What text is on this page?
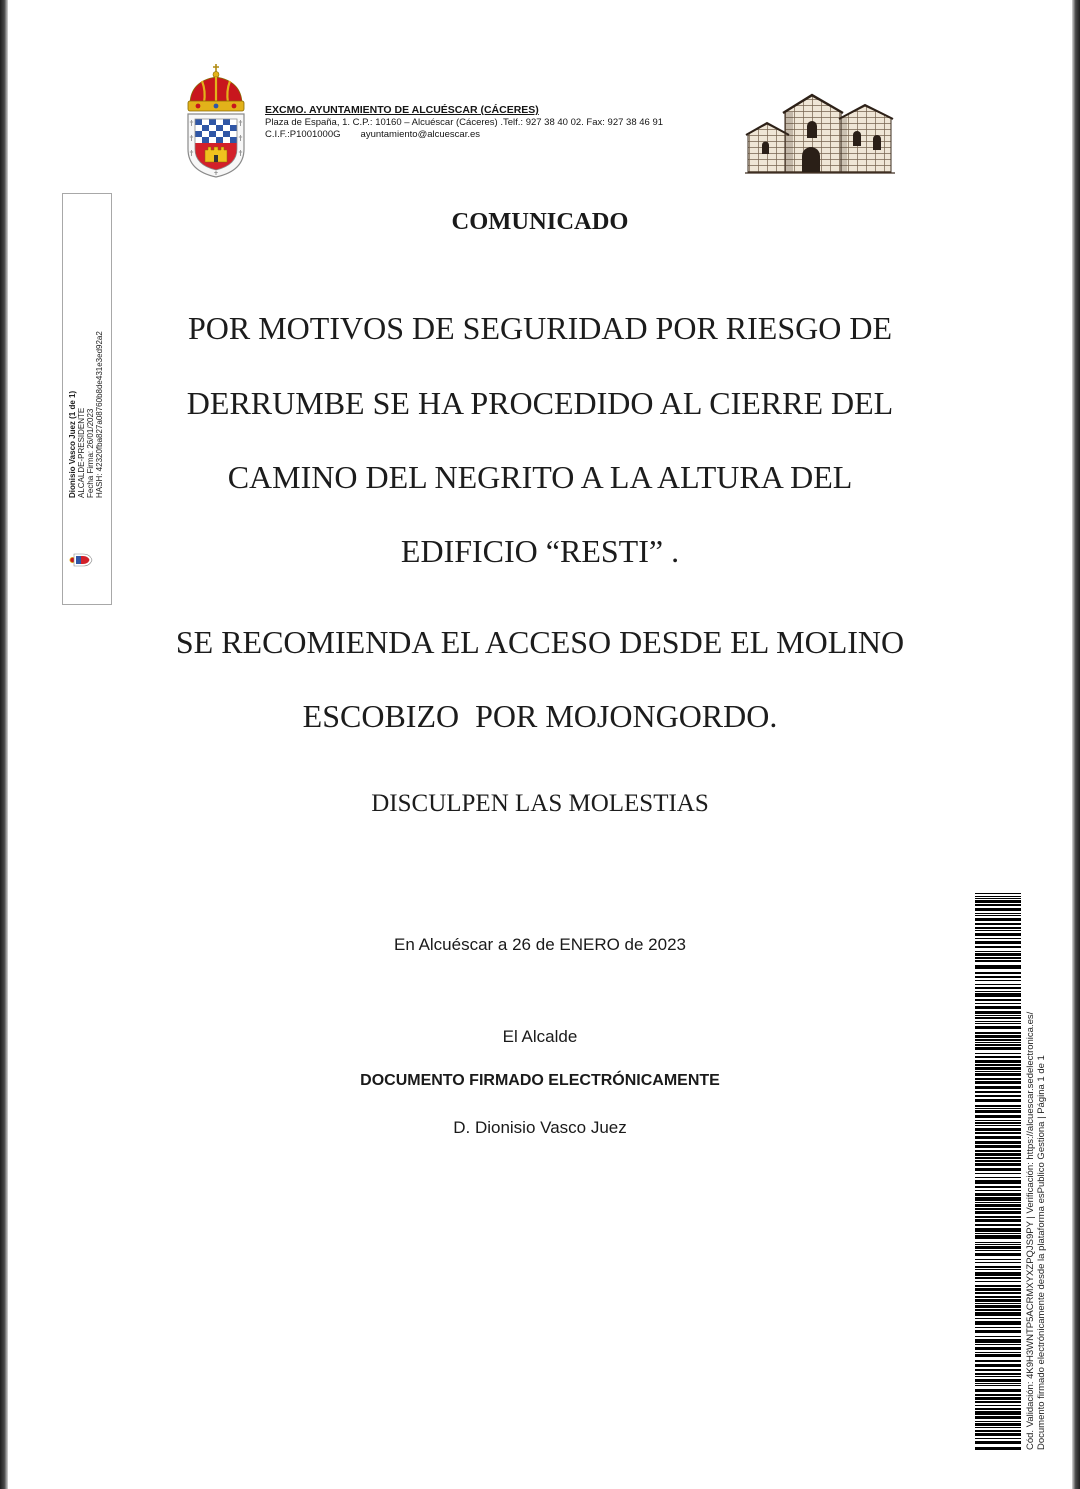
EXCMO. AYUNTAMIENTO DE ALCUÉSCAR (CÁCERES)
Plaza de España, 1. C.P.: 10160 – Alcuéscar (Cáceres) .Telf.: 927 38 40 02. Fax: 927 38 46 91
C.I.F.:P1001000G ayuntamiento@alcuescar.es
Dionisio Vasco Juez (1 de 1) ALCALDE-PRESIDENTE Fecha Firma: 26/01/2023 HASH: 42320fba827a08760b8de431e3ed92a2
COMUNICADO
POR MOTIVOS DE SEGURIDAD POR RIESGO DE
DERRUMBE SE HA PROCEDIDO AL CIERRE DEL
CAMINO DEL NEGRITO A LA ALTURA DEL
EDIFICIO “RESTI” .
SE RECOMIENDA EL ACCESO DESDE EL MOLINO
ESCOBIZO  POR MOJONGORDO.
DISCULPEN LAS MOLESTIAS
En Alcuéscar a 26 de ENERO de 2023
El Alcalde
DOCUMENTO FIRMADO ELECTRÓNICAMENTE
D. Dionisio Vasco Juez	Cód. Validación: 4K9H3WNTP5ACRMXYXZPQJS9PY | Verificación: https://alcuescar.sedelectronica.es/ Documento firmado electrónicamente desde la plataforma esPublico Gestiona | Página 1 de 1
